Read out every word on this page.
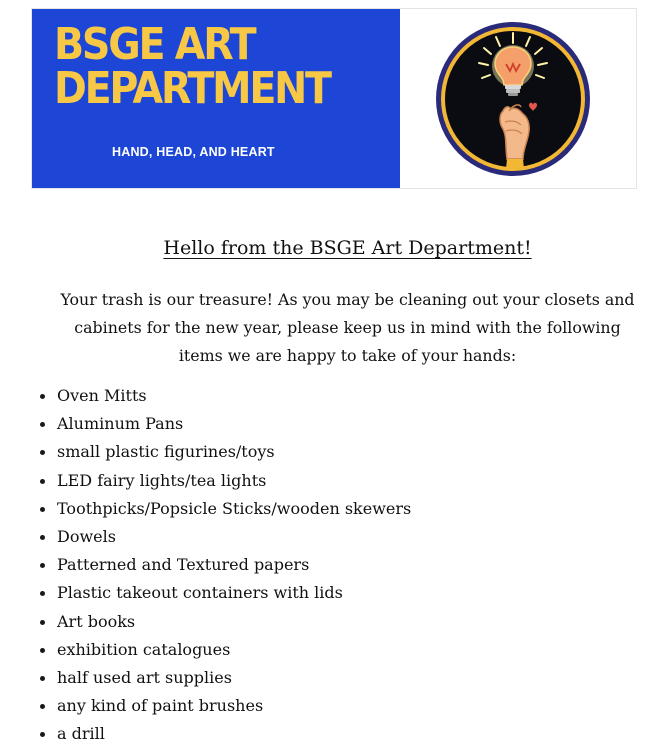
BSGE ART
DEPARTMENT
HAND, HEAD, AND HEART
Hello from the BSGE Art Department!
Your trash is our treasure! As you may be cleaning out your closets and cabinets for the new year, please keep us in mind with the following items we are happy to take of your hands:
Oven Mitts
Aluminum Pans
small plastic figurines/toys
LED fairy lights/tea lights
Toothpicks/Popsicle Sticks/wooden skewers
Dowels
Patterned and Textured papers
Plastic takeout containers with lids
Art books
exhibition catalogues
half used art supplies
any kind of paint brushes
a drill
